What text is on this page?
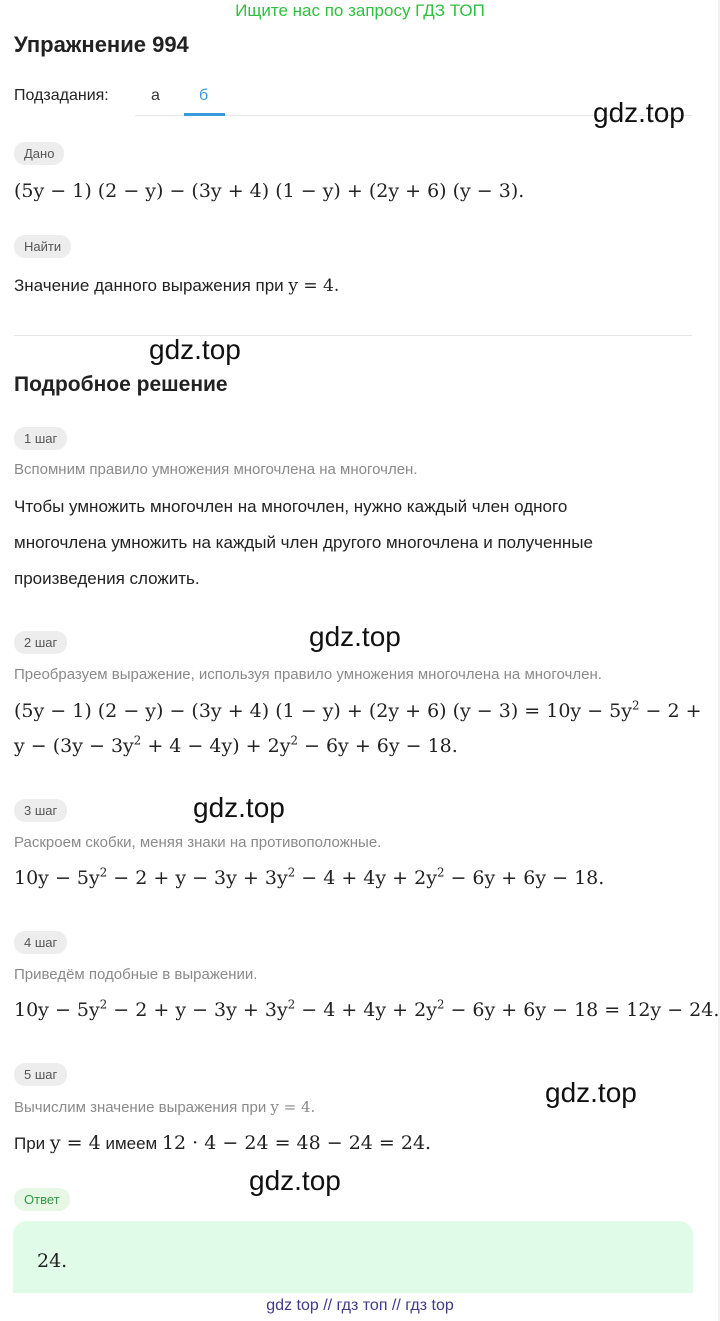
Ищите нас по запросу ГДЗ ТОП
Упражнение 994
Подзадания:	а б
gdz.top
Дано
(5y − 1) (2 − y) − (3y + 4) (1 − y) + (2y + 6) (y − 3).
Найти
Значение данного выражения при y = 4.
gdz.top
Подробное решение
1 шаг
Вспомним правило умножения многочлена на многочлен.
Чтобы умножить многочлен на многочлен, нужно каждый член одного
многочлена умножить на каждый член другого многочлена и полученные
произведения сложить.
gdz.top
2 шаг
Преобразуем выражение, используя правило умножения многочлена на многочлен.
(5y − 1) (2 − y) − (3y + 4) (1 − y) + (2y + 6) $(y - 3) = 10y - 5y^2 - 2$ +
$y - (3y - 3y^2 + 4 - 4y) + 2y^2 - 6y + 6y - 18$.
gdz.top
3 шаг
Раскроем скобки, меняя знаки на противоположные.
$10y - 5y^2 - 2 + y - 3y + 3y^2 - 4 + 4y + 2y^2 - 6y + 6y - 18$.
4 шаг
Приведём подобные в выражении.
$10y - 5y^2 - 2 + y - 3y + 3y^2 - 4 + 4y + 2y^2 - 6y + 6y - 18 = 12y - 24$.
gdz.top
5 шаг
Вычислим значение выражения при y = 4.
При y = 4 имеем 12 · 4 − 24 = 48 − 24 = 24.
gdz.top
Ответ
24.
gdz top // гдз топ // гдз top
